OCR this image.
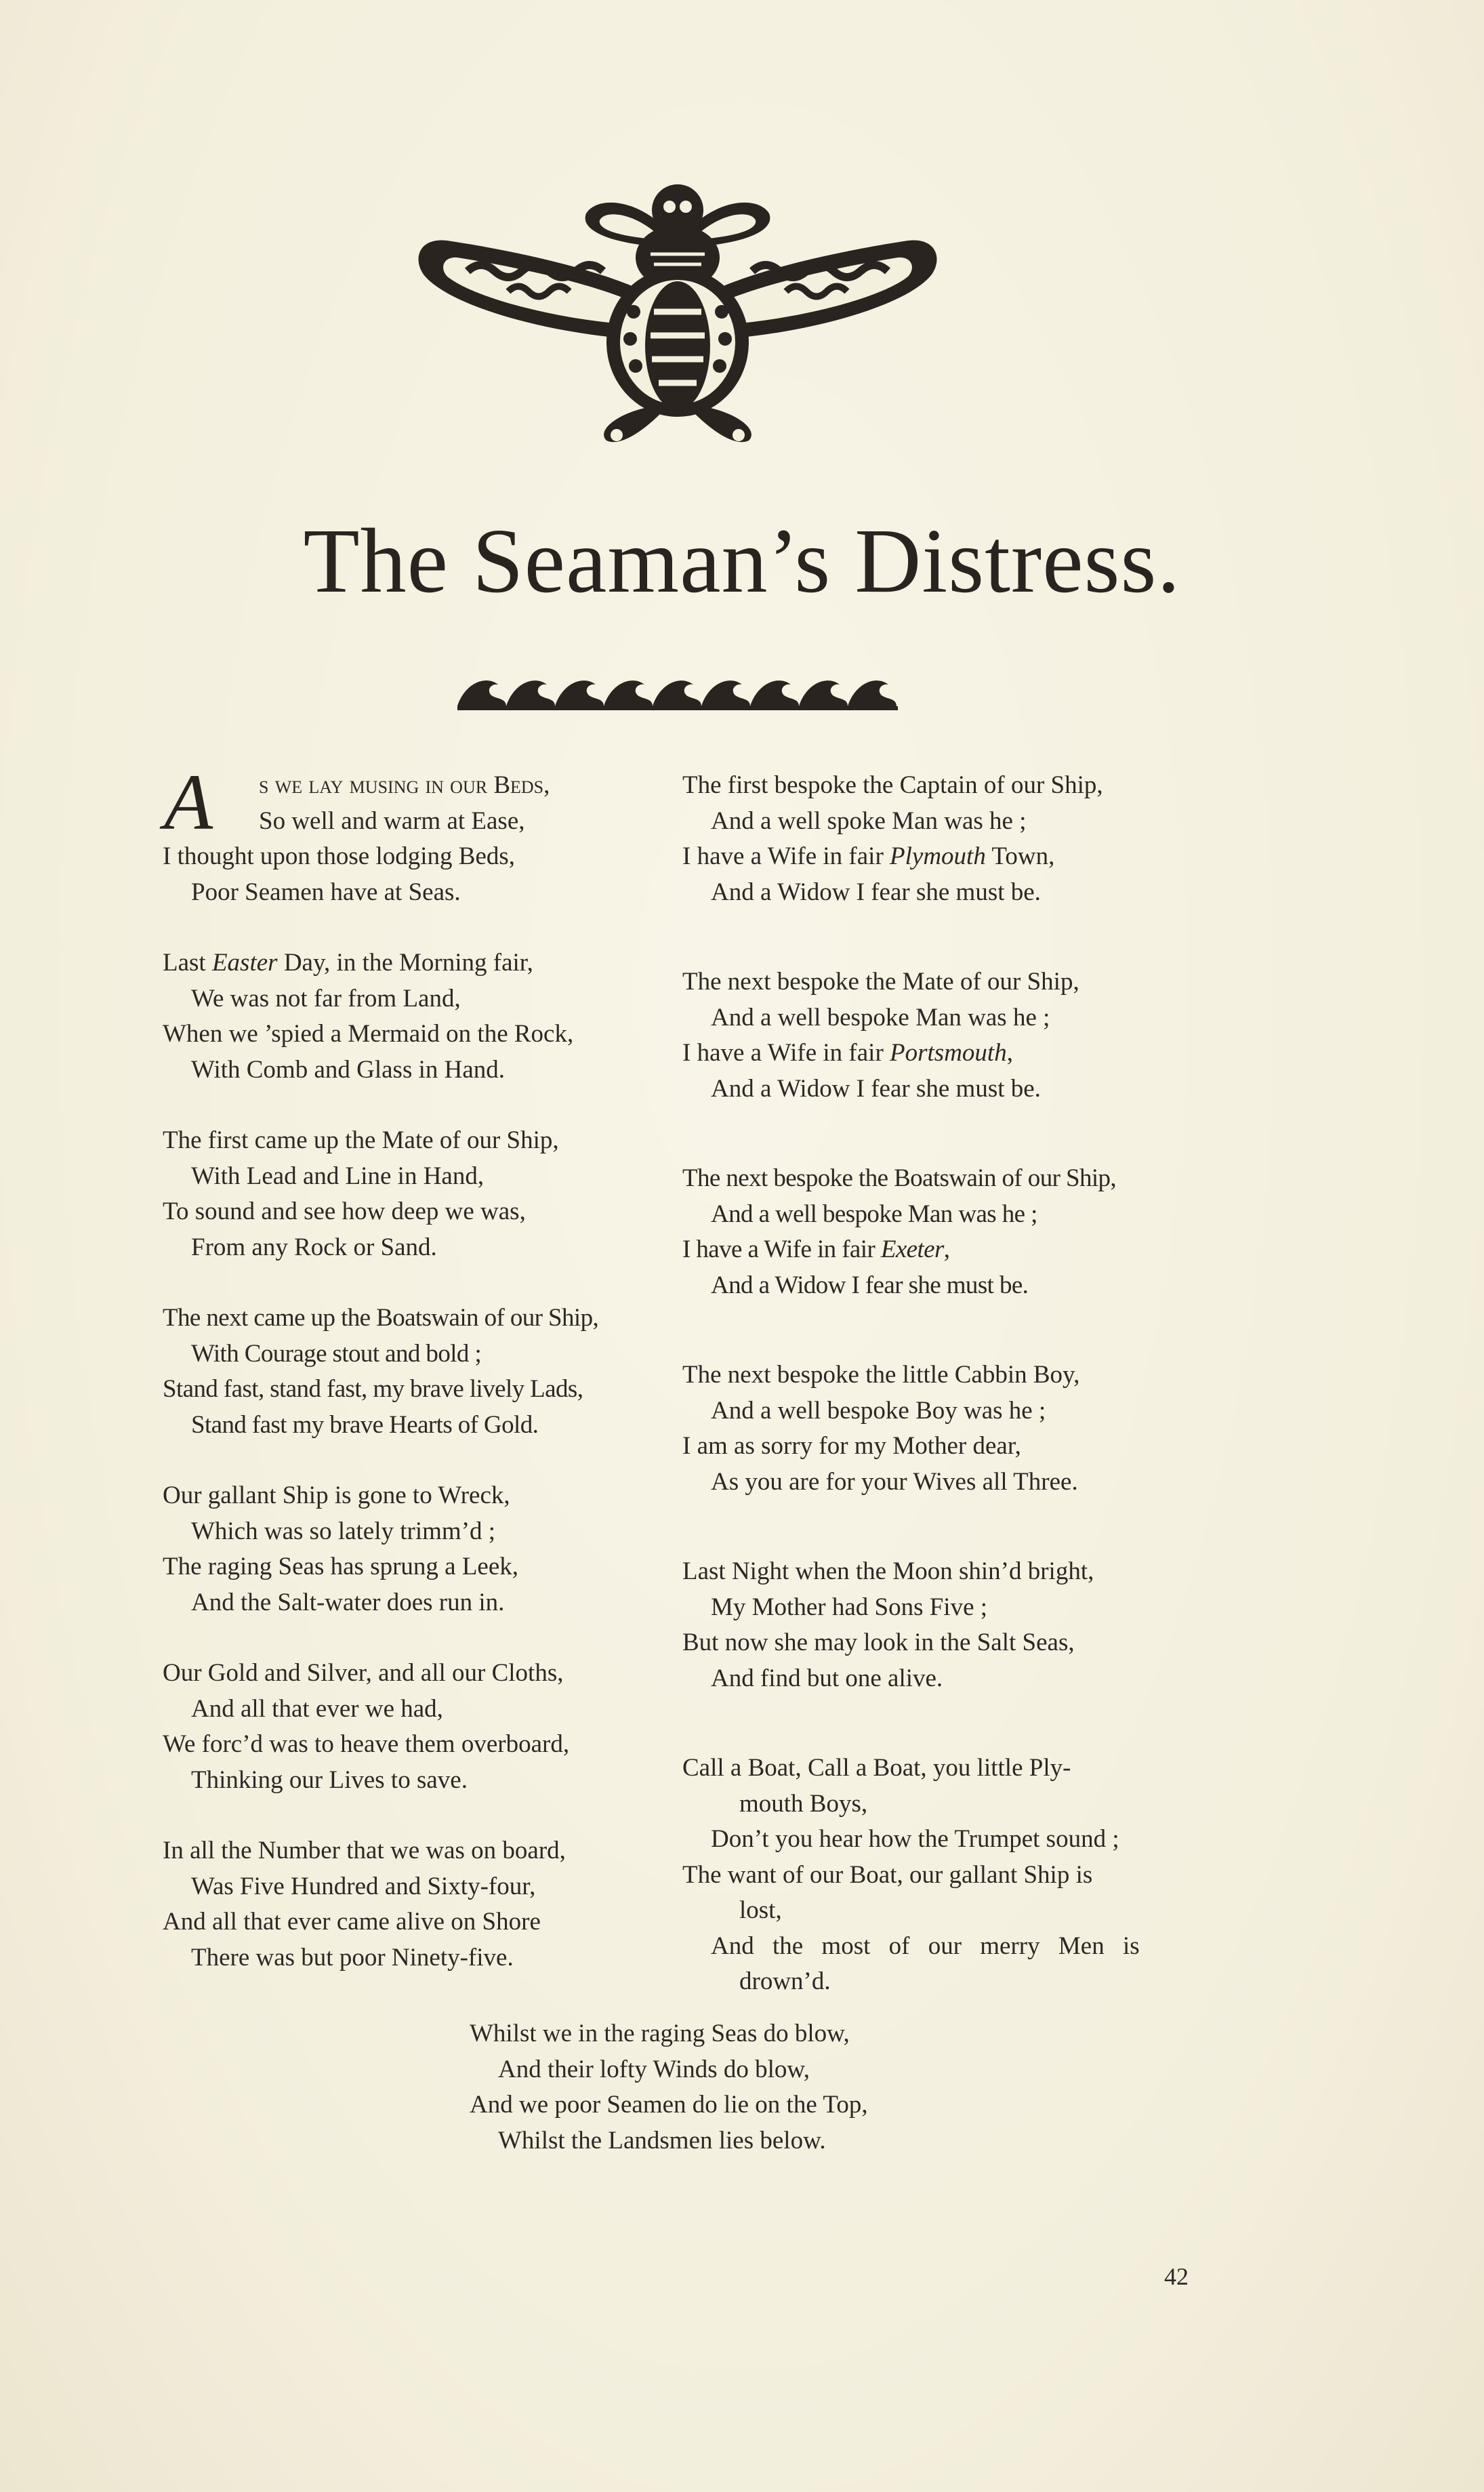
The Seaman’s Distress.
A s we lay musing in our Beds,
So well and warm at Ease,
I thought upon those lodging Beds,
Poor Seamen have at Seas.
Last Easter Day, in the Morning fair,
We was not far from Land,
When we ’spied a Mermaid on the Rock,
With Comb and Glass in Hand.
The first came up the Mate of our Ship,
With Lead and Line in Hand,
To sound and see how deep we was,
From any Rock or Sand.
The next came up the Boatswain of our Ship,
With Courage stout and bold ;
Stand fast, stand fast, my brave lively Lads,
Stand fast my brave Hearts of Gold.
Our gallant Ship is gone to Wreck,
Which was so lately trimm’d ;
The raging Seas has sprung a Leek,
And the Salt-water does run in.
Our Gold and Silver, and all our Cloths,
And all that ever we had,
We forc’d was to heave them overboard,
Thinking our Lives to save.
In all the Number that we was on board,
Was Five Hundred and Sixty-four,
And all that ever came alive on Shore
There was but poor Ninety-five.
The first bespoke the Captain of our Ship,
And a well spoke Man was he ;
I have a Wife in fair Plymouth Town,
And a Widow I fear she must be.
The next bespoke the Mate of our Ship,
And a well bespoke Man was he ;
I have a Wife in fair Portsmouth,
And a Widow I fear she must be.
The next bespoke the Boatswain of our Ship,
And a well bespoke Man was he ;
I have a Wife in fair Exeter,
And a Widow I fear she must be.
The next bespoke the little Cabbin Boy,
And a well bespoke Boy was he ;
I am as sorry for my Mother dear,
As you are for your Wives all Three.
Last Night when the Moon shin’d bright,
My Mother had Sons Five ;
But now she may look in the Salt Seas,
And find but one alive.
Call a Boat, Call a Boat, you little Ply-
mouth Boys,
Don’t you hear how the Trumpet sound ;
The want of our Boat, our gallant Ship is
lost,
And the most of our merry Men is
drown’d.
Whilst we in the raging Seas do blow,
And their lofty Winds do blow,
And we poor Seamen do lie on the Top,
Whilst the Landsmen lies below.
42
